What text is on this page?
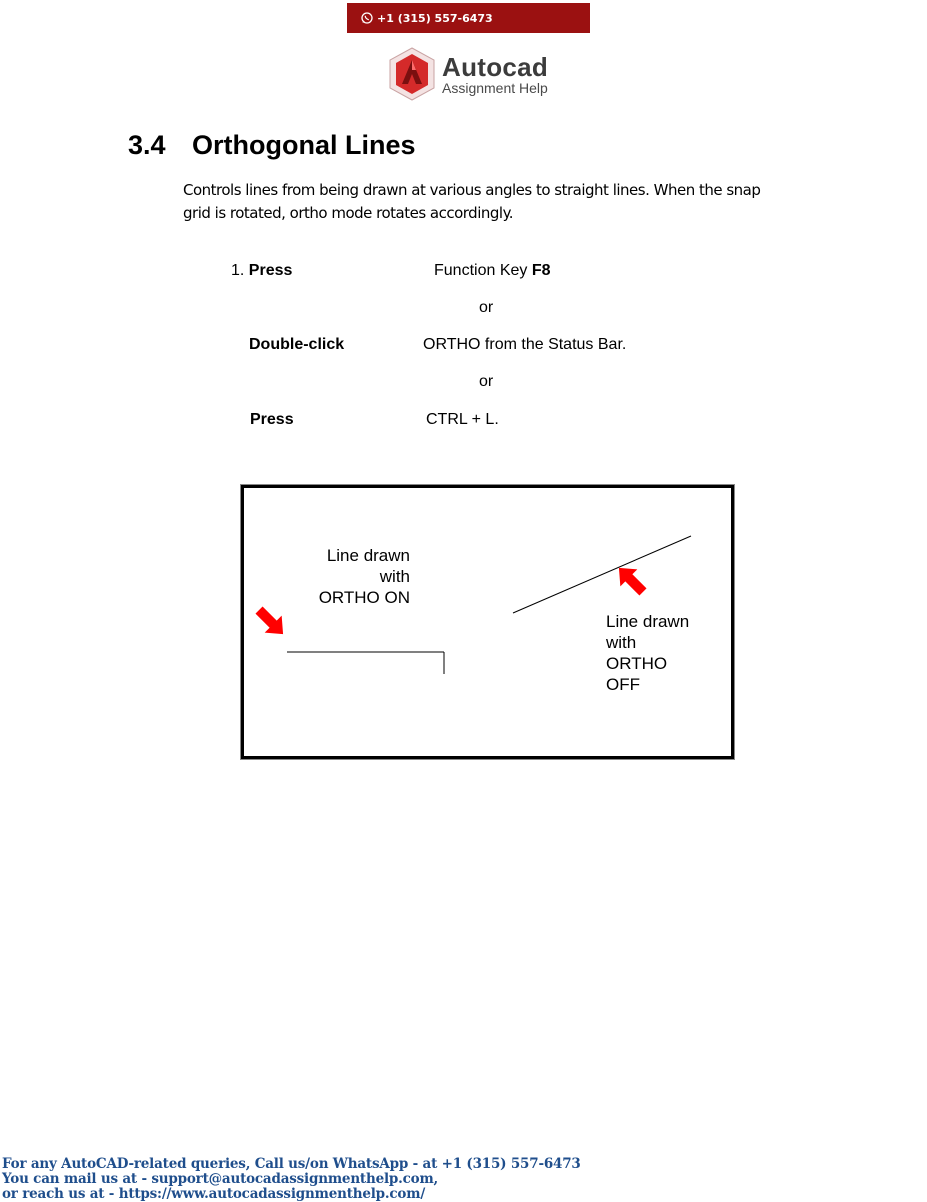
+1 (315) 557-6473
Autocad
Assignment Help
3.4 Orthogonal Lines

Controls lines from being drawn at various angles to straight lines. When the snap
grid is rotated, ortho mode rotates accordingly.

1. Press	Function Key F8
or
Double-click	ORTHO from the Status Bar.
or
Press	CTRL + L.
Line drawn
with
ORTHO ON
Line drawn
with
ORTHO
OFF
For any AutoCAD-related queries, Call us/on WhatsApp - at +1 (315) 557-6473
You can mail us at - support@autocadassignmenthelp.com,
or reach us at - https://www.autocadassignmenthelp.com/
